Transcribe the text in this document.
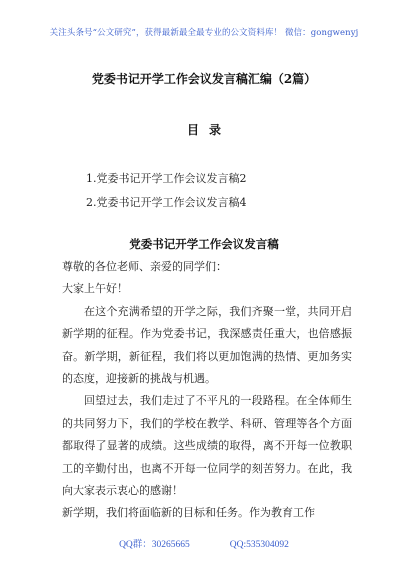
关注头条号“公文研究”，获得最新最全最专业的公文资料库！ 微信：gongwenyj
党委书记开学工作会议发言稿汇编（2篇）
目录
1.党委书记开学工作会议发言稿2
2.党委书记开学工作会议发言稿4
党委书记开学工作会议发言稿

尊敬的各位老师、亲爱的同学们：

大家上午好！

在这个充满希望的开学之际，我们齐聚一堂，共同开启新学期的征程。作为党委书记，我深感责任重大，也倍感振奋。新学期，新征程，我们将以更加饱满的热情、更加务实的态度，迎接新的挑战与机遇。

回望过去，我们走过了不平凡的一段路程。在全体师生的共同努力下，我们的学校在教学、科研、管理等各个方面都取得了显著的成绩。这些成绩的取得，离不开每一位教职工的辛勤付出，也离不开每一位同学的刻苦努力。在此，我向大家表示衷心的感谢！

新学期，我们将面临新的目标和任务。作为教育工作

QQ群：30265665	QQ:535304092
